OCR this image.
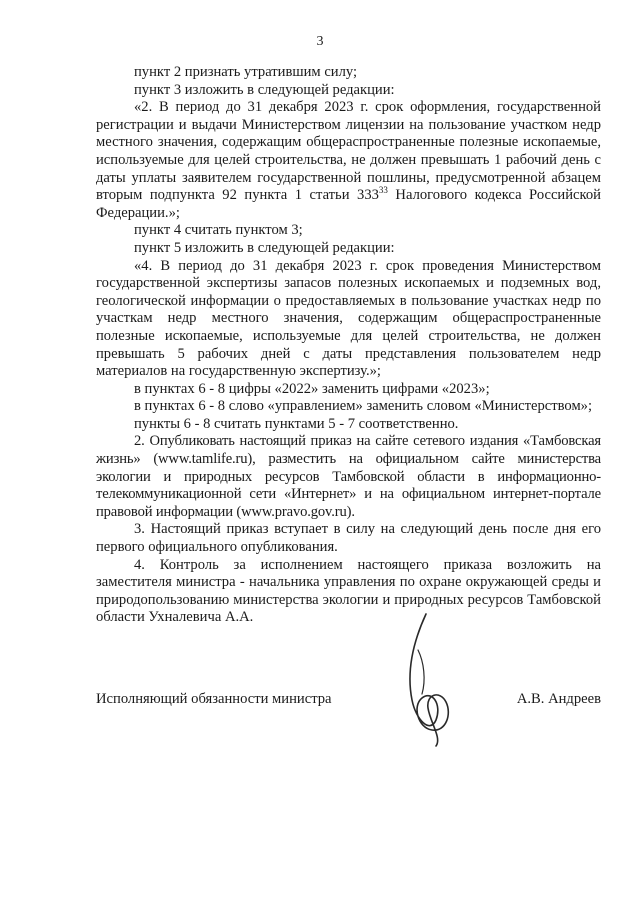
3

пункт 2 признать утратившим силу;

пункт 3 изложить в следующей редакции:

«2. В период до 31 декабря 2023 г. срок оформления, государственной регистрации и выдачи Министерством лицензии на пользование участком недр местного значения, содержащим общераспространенные полезные ископаемые, используемые для целей строительства, не должен превышать 1 рабочий день с даты уплаты заявителем государственной пошлины, предусмотренной абзацем вторым подпункта 92 пункта 1 статьи $333^{33}$ Налогового кодекса Российской Федерации.»;

пункт 4 считать пунктом 3;

пункт 5 изложить в следующей редакции:

«4. В период до 31 декабря 2023 г. срок проведения Министерством государственной экспертизы запасов полезных ископаемых и подземных вод, геологической информации о предоставляемых в пользование участках недр по участкам недр местного значения, содержащим общераспространенные полезные ископаемые, используемые для целей строительства, не должен превышать 5 рабочих дней с даты представления пользователем недр материалов на государственную экспертизу.»;

в пунктах 6 - 8 цифры «2022» заменить цифрами «2023»;

в пунктах 6 - 8 слово «управлением» заменить словом «Министерством»;

пункты 6 - 8 считать пунктами 5 - 7 соответственно.

2. Опубликовать настоящий приказ на сайте сетевого издания «Тамбовская жизнь» (www.tamlife.ru), разместить на официальном сайте министерства экологии и природных ресурсов Тамбовской области в информационно-телекоммуникационной сети «Интернет» и на официальном интернет-портале правовой информации (www.pravo.gov.ru).

3. Настоящий приказ вступает в силу на следующий день после дня его первого официального опубликования.

4. Контроль за исполнением настоящего приказа возложить на заместителя министра - начальника управления по охране окружающей среды и природопользованию министерства экологии и природных ресурсов Тамбовской области Ухналевича А.А.

Исполняющий обязанности министра	А.В. Андреев
